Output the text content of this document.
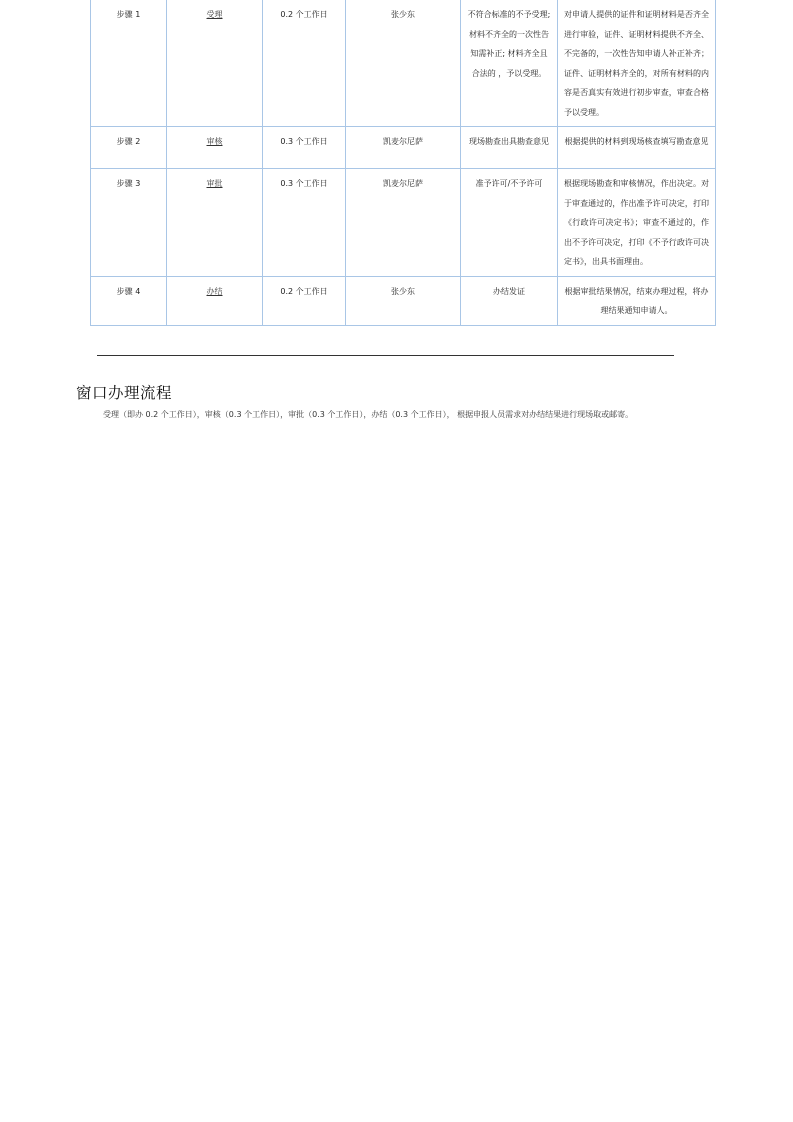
步骤 1	受理	0.2 个工作日	张少东	不符合标准的不予受理; 材料不齐全的一次性告知需补正; 材料齐全且合法的 ，予以受理。	对申请人提供的证件和证明材料是否齐全进行审验，证件、证明材料提供不齐全、不完备的，一次性告知申请人补正补齐；证件、证明材料齐全的，对所有材料的内容是否真实有效进行初步审查，审查合格予以受理。
步骤 2	审核	0.3 个工作日	凯麦尔尼萨	现场勘查出具勘查意见	根据提供的材料到现场核查填写勘查意见
步骤 3	审批	0.3 个工作日	凯麦尔尼萨	准予许可/不予许可	根据现场勘查和审核情况，作出决定。对于审查通过的，作出准予许可决定，打印《行政许可决定书》；审查不通过的，作出不予许可决定，打印《不予行政许可决定书》，出具书面理由。
步骤 4	办结	0.2 个工作日	张少东	办结发证	根据审批结果情况，结束办理过程，将办理结果通知申请人。
窗口办理流程
受理（即办 0.2 个工作日），审核（0.3 个工作日），审批（0.3 个工作日），办结（0.3 个工作日）， 根据申报人员需求对办结结果进行现场取或邮寄。
